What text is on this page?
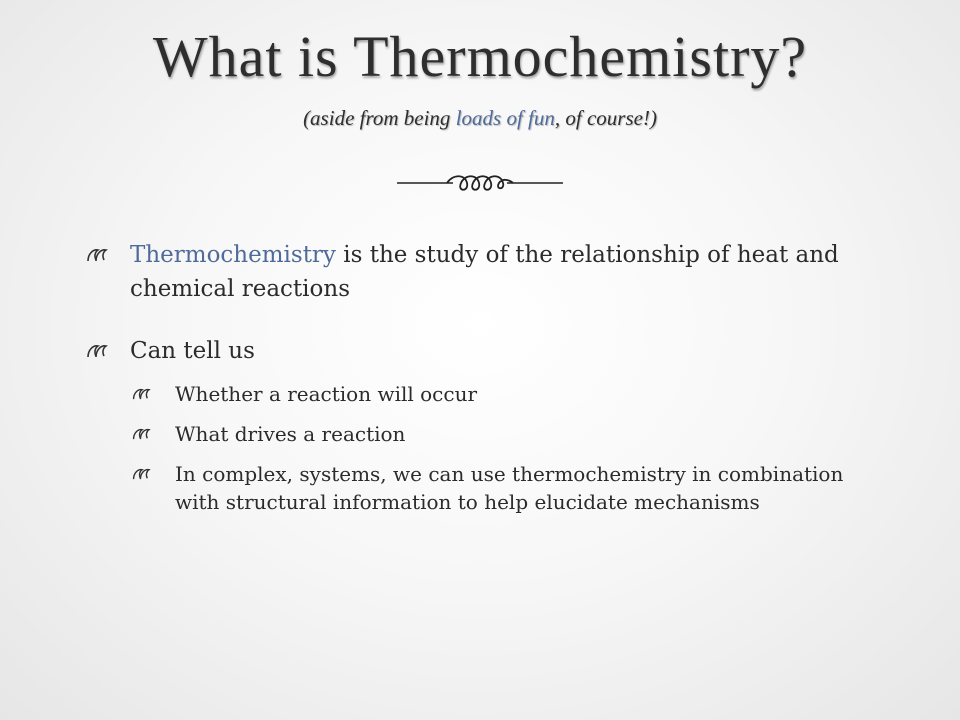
What is Thermochemistry?
(aside from being loads of fun, of course!)
Thermochemistry is the study of the relationship of heat and chemical reactions
Can tell us
Whether a reaction will occur
What drives a reaction
In complex, systems, we can use thermochemistry in combination with structural information to help elucidate mechanisms
